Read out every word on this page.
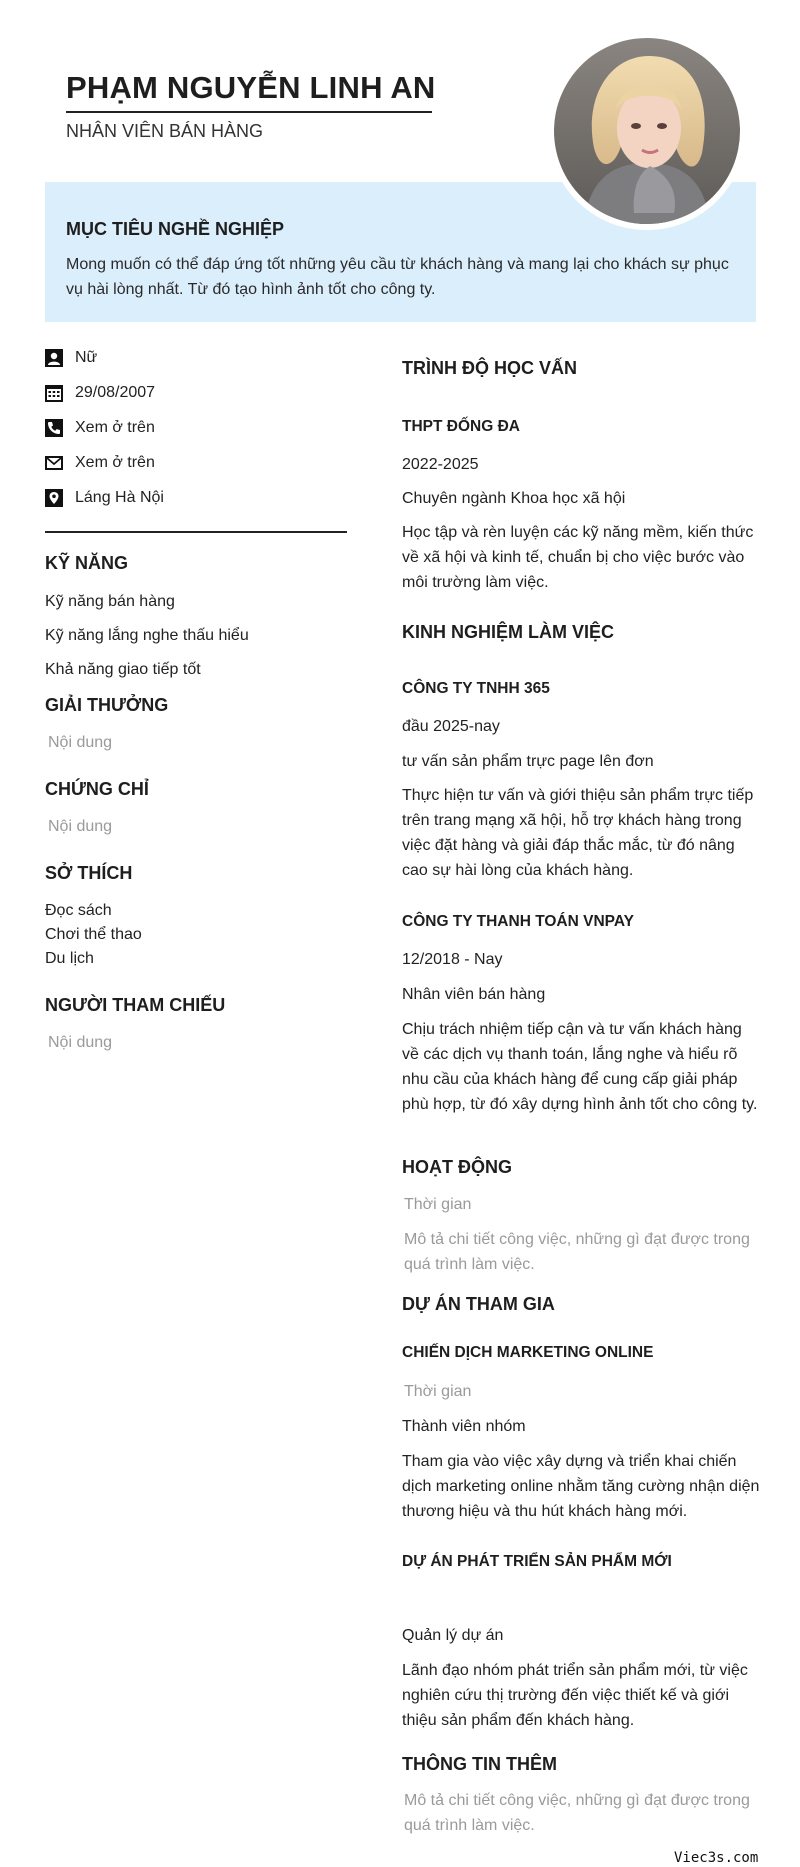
PHẠM NGUYỄN LINH AN
NHÂN VIÊN BÁN HÀNG
MỤC TIÊU NGHỀ NGHIỆP
Mong muốn có thể đáp ứng tốt những yêu cầu từ khách hàng và mang lại cho khách sự phục vụ hài lòng nhất. Từ đó tạo hình ảnh tốt cho công ty.
Nữ
29/08/2007
Xem ở trên
Xem ở trên
Láng Hà Nội
KỸ NĂNG
Kỹ năng bán hàng
Kỹ năng lắng nghe thấu hiểu
Khả năng giao tiếp tốt
GIẢI THƯỞNG
Nội dung
CHỨNG CHỈ
Nội dung
SỞ THÍCH
Đọc sách
Chơi thể thao
Du lịch
NGƯỜI THAM CHIẾU
Nội dung
TRÌNH ĐỘ HỌC VẤN
THPT ĐỐNG ĐA
2022-2025
Chuyên ngành Khoa học xã hội
Học tập và rèn luyện các kỹ năng mềm, kiến thức về xã hội và kinh tế, chuẩn bị cho việc bước vào môi trường làm việc.
KINH NGHIỆM LÀM VIỆC
CÔNG TY TNHH 365
đầu 2025-nay
tư vấn sản phẩm trực page lên đơn
Thực hiện tư vấn và giới thiệu sản phẩm trực tiếp trên trang mạng xã hội, hỗ trợ khách hàng trong việc đặt hàng và giải đáp thắc mắc, từ đó nâng cao sự hài lòng của khách hàng.
CÔNG TY THANH TOÁN VNPAY
12/2018 - Nay
Nhân viên bán hàng
Chịu trách nhiệm tiếp cận và tư vấn khách hàng về các dịch vụ thanh toán, lắng nghe và hiểu rõ nhu cầu của khách hàng để cung cấp giải pháp phù hợp, từ đó xây dựng hình ảnh tốt cho công ty.
HOẠT ĐỘNG
Thời gian
Mô tả chi tiết công việc, những gì đạt được trong quá trình làm việc.
DỰ ÁN THAM GIA
CHIẾN DỊCH MARKETING ONLINE
Thời gian
Thành viên nhóm
Tham gia vào việc xây dựng và triển khai chiến dịch marketing online nhằm tăng cường nhận diện thương hiệu và thu hút khách hàng mới.
DỰ ÁN PHÁT TRIỂN SẢN PHẨM MỚI
Quản lý dự án
Lãnh đạo nhóm phát triển sản phẩm mới, từ việc nghiên cứu thị trường đến việc thiết kế và giới thiệu sản phẩm đến khách hàng.
THÔNG TIN THÊM
Mô tả chi tiết công việc, những gì đạt được trong quá trình làm việc.
Viec3s.com
